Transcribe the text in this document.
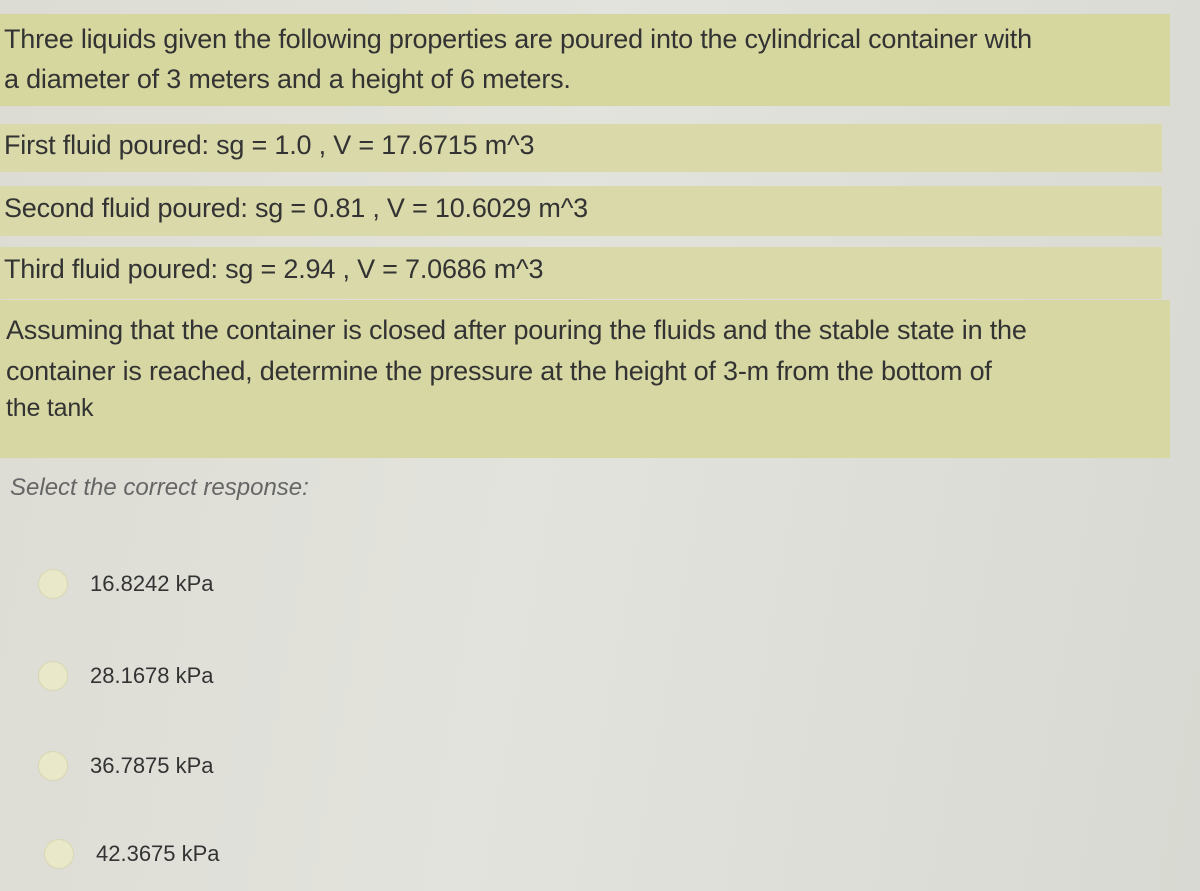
Three liquids given the following properties are poured into the cylindrical container with
a diameter of 3 meters and a height of 6 meters.
First fluid poured: sg = 1.0 , V = 17.6715 m^3
Second fluid poured: sg = 0.81 , V = 10.6029 m^3
Third fluid poured: sg = 2.94 , V = 7.0686 m^3
Assuming that the container is closed after pouring the fluids and the stable state in the
container is reached, determine the pressure at the height of 3-m from the bottom of
the tank
Select the correct response:
16.8242 kPa
28.1678 kPa
36.7875 kPa
42.3675 kPa
